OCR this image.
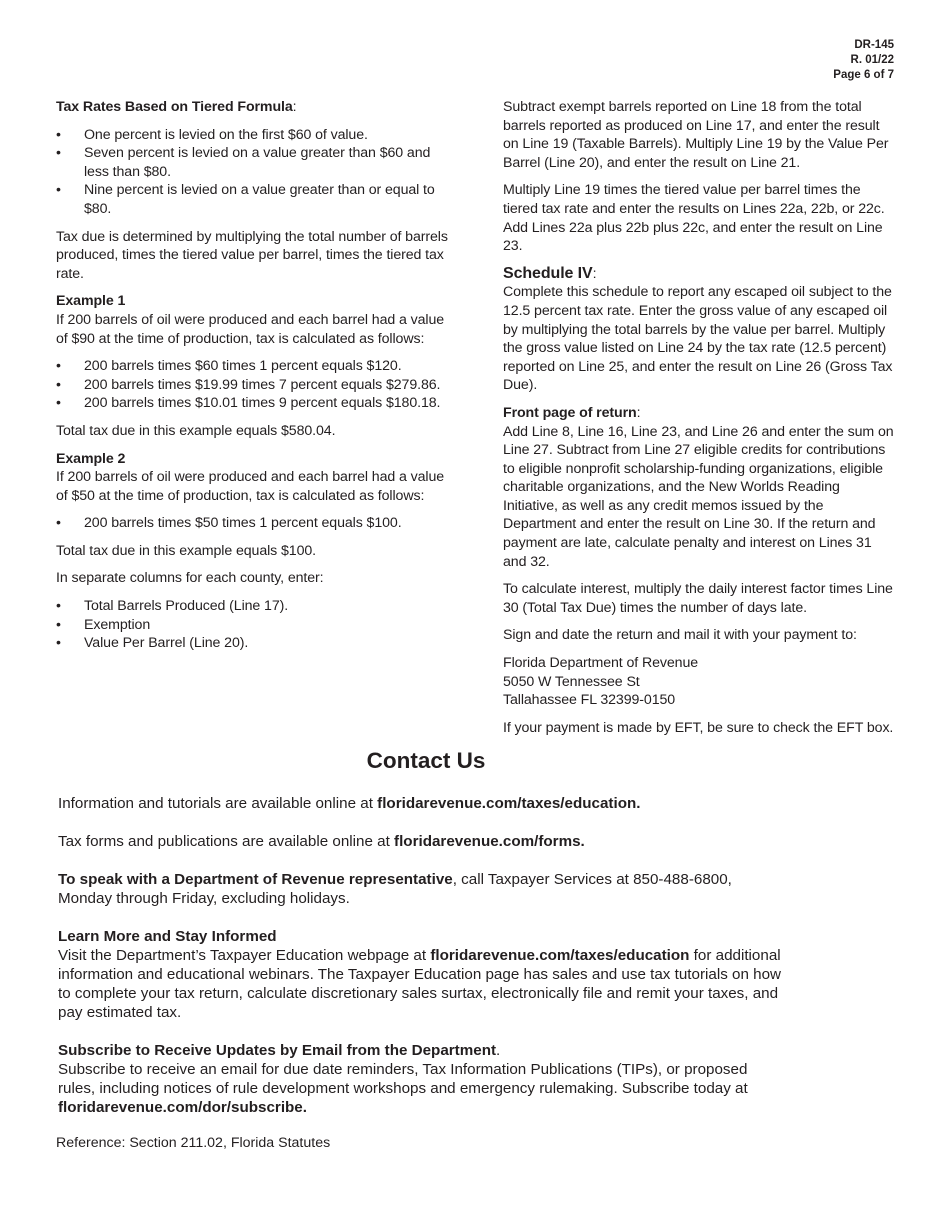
DR-145
R. 01/22
Page 6 of 7

Tax Rates Based on Tiered Formula:

• One percent is levied on the first $60 of value.
• Seven percent is levied on a value greater than $60 and less than $80.
• Nine percent is levied on a value greater than or equal to $80.

Tax due is determined by multiplying the total number of barrels produced, times the tiered value per barrel, times the tiered tax rate.

Example 1
If 200 barrels of oil were produced and each barrel had a value of $90 at the time of production, tax is calculated as follows:

• 200 barrels times $60 times 1 percent equals $120.
• 200 barrels times $19.99 times 7 percent equals $279.86.
• 200 barrels times $10.01 times 9 percent equals $180.18.

Total tax due in this example equals $580.04.

Example 2
If 200 barrels of oil were produced and each barrel had a value of $50 at the time of production, tax is calculated as follows:

• 200 barrels times $50 times 1 percent equals $100.

Total tax due in this example equals $100.

In separate columns for each county, enter:

• Total Barrels Produced (Line 17).
• Exemption
• Value Per Barrel (Line 20).

Subtract exempt barrels reported on Line 18 from the total barrels reported as produced on Line 17, and enter the result on Line 19 (Taxable Barrels). Multiply Line 19 by the Value Per Barrel (Line 20), and enter the result on Line 21.

Multiply Line 19 times the tiered value per barrel times the tiered tax rate and enter the results on Lines 22a, 22b, or 22c. Add Lines 22a plus 22b plus 22c, and enter the result on Line 23.

Schedule IV:
Complete this schedule to report any escaped oil subject to the 12.5 percent tax rate. Enter the gross value of any escaped oil by multiplying the total barrels by the value per barrel. Multiply the gross value listed on Line 24 by the tax rate (12.5 percent) reported on Line 25, and enter the result on Line 26 (Gross Tax Due).

Front page of return:
Add Line 8, Line 16, Line 23, and Line 26 and enter the sum on Line 27. Subtract from Line 27 eligible credits for contributions to eligible nonprofit scholarship-funding organizations, eligible charitable organizations, and the New Worlds Reading Initiative, as well as any credit memos issued by the Department and enter the result on Line 30. If the return and payment are late, calculate penalty and interest on Lines 31 and 32.

To calculate interest, multiply the daily interest factor times Line 30 (Total Tax Due) times the number of days late.

Sign and date the return and mail it with your payment to:

Florida Department of Revenue
5050 W Tennessee St
Tallahassee FL 32399-0150

If your payment is made by EFT, be sure to check the EFT box.

Contact Us

Information and tutorials are available online at floridarevenue.com/taxes/education.

Tax forms and publications are available online at floridarevenue.com/forms.

To speak with a Department of Revenue representative, call Taxpayer Services at 850-488-6800, Monday through Friday, excluding holidays.

Learn More and Stay Informed
Visit the Department’s Taxpayer Education webpage at floridarevenue.com/taxes/education for additional information and educational webinars. The Taxpayer Education page has sales and use tax tutorials on how to complete your tax return, calculate discretionary sales surtax, electronically file and remit your taxes, and pay estimated tax.

Subscribe to Receive Updates by Email from the Department.
Subscribe to receive an email for due date reminders, Tax Information Publications (TIPs), or proposed rules, including notices of rule development workshops and emergency rulemaking. Subscribe today at floridarevenue.com/dor/subscribe.

Reference: Section 211.02, Florida Statutes
